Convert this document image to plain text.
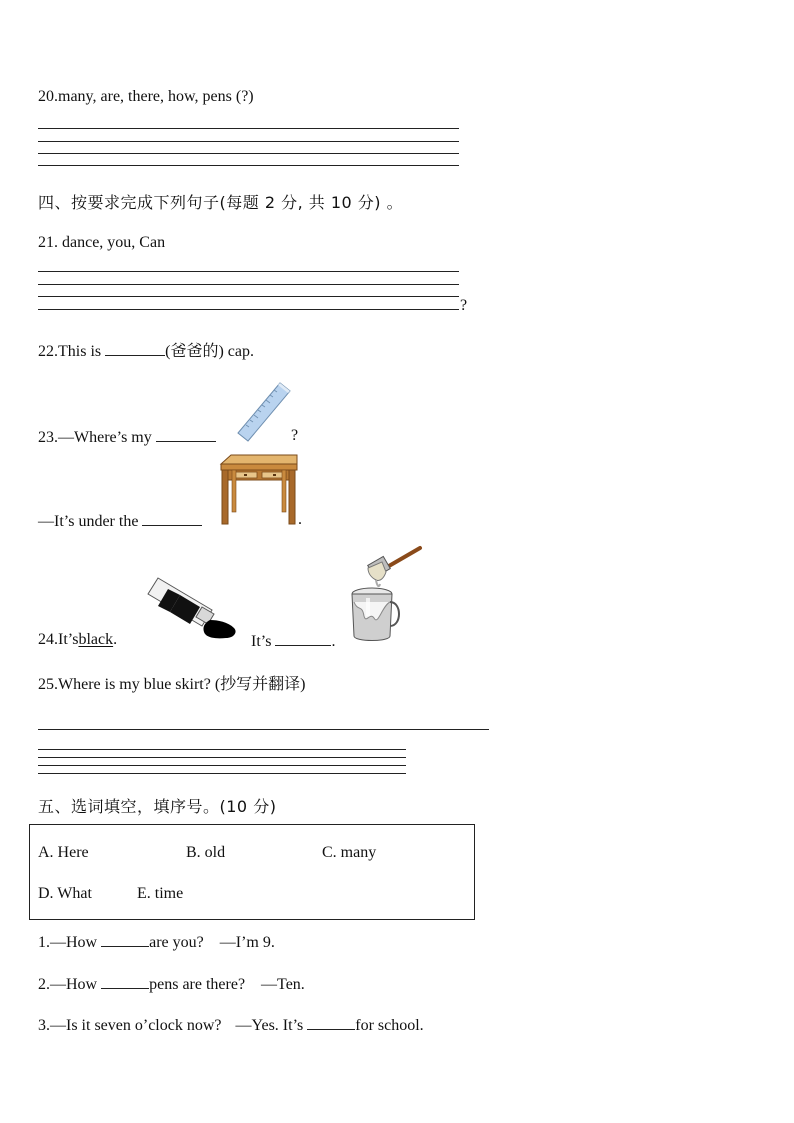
20.many, are, there, how, pens (?)
四、按要求完成下列句子(每题 2 分, 共 10 分) 。
21. dance, you, Can
?
22.This is	(爸爸的) cap.
23.—Where’s my	?
—It’s under the	.
24.It’sblack.	It’s	.
25.Where is my blue skirt? (抄写并翻译)
五、选词填空，填序号。(10 分)
A. Here	B. old	C. many
D. What	E. time
1.—How	are you? —I’m 9.
2.—How	pens are there? —Ten.
3.—Is it seven o’clock now? —Yes. It’s	for school.
